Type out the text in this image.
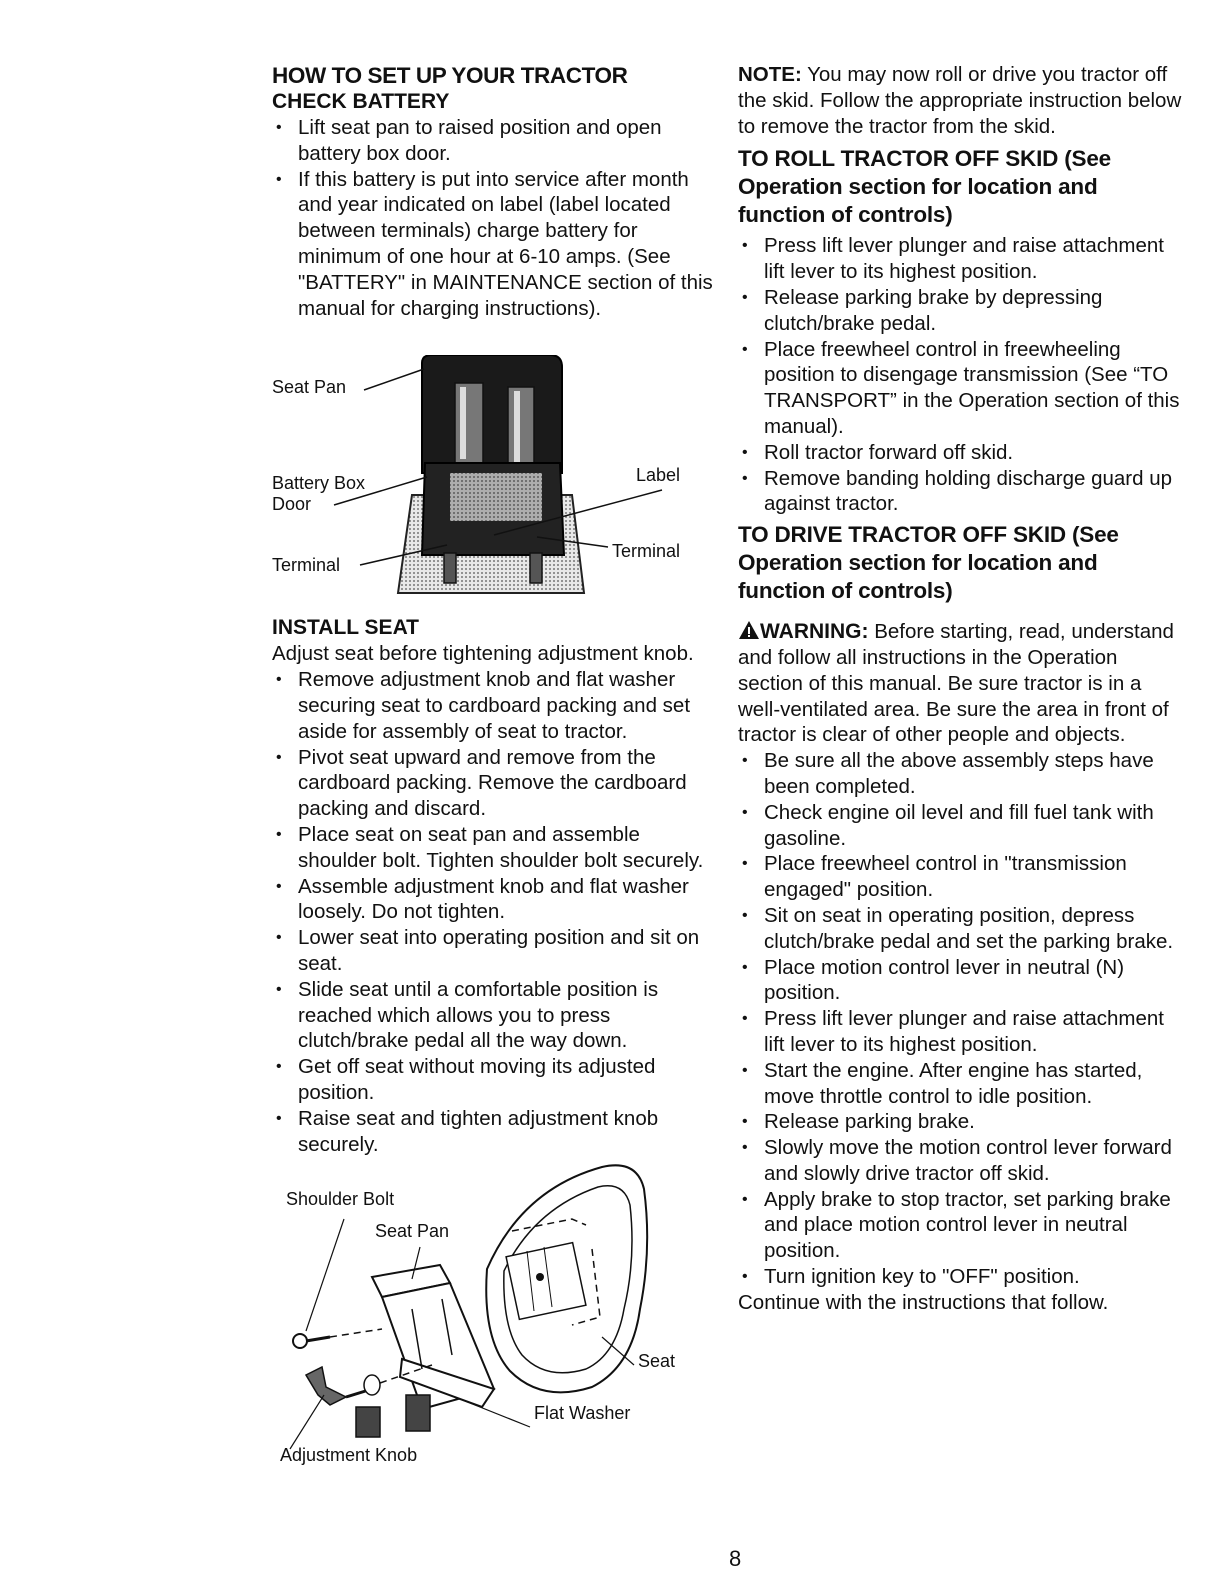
HOW TO SET UP YOUR TRACTOR
CHECK BATTERY
• Lift seat pan to raised position and open battery box door.
• If this battery is put into service after month and year indicated on label (label located between terminals) charge battery for minimum of one hour at 6-10 amps. (See "BATTERY" in MAINTENANCE section of this manual for charging instructions).
Seat Pan
Battery Box
Door
Terminal
Label
Terminal
INSTALL SEAT

Adjust seat before tightening adjustment knob.

• Remove adjustment knob and flat washer securing seat to cardboard packing and set aside for assembly of seat to tractor.
• Pivot seat upward and remove from the cardboard packing. Remove the cardboard packing and discard.
• Place seat on seat pan and assemble shoulder bolt. Tighten shoulder bolt securely.
• Assemble adjustment knob and flat washer loosely. Do not tighten.
• Lower seat into operating position and sit on seat.
• Slide seat until a comfortable position is reached which allows you to press clutch/brake pedal all the way down.
• Get off seat without moving its adjusted position.
• Raise seat and tighten adjustment knob securely.
Shoulder Bolt
Seat Pan
Seat
Flat Washer
Adjustment Knob

NOTE: You may now roll or drive you tractor off the skid. Follow the appropriate instruction below to remove the tractor from the skid.

TO ROLL TRACTOR OFF SKID (See Operation section for location and function of controls)
• Press lift lever plunger and raise attachment lift lever to its highest position.
• Release parking brake by depressing clutch/brake pedal.
• Place freewheel control in freewheeling position to disengage transmission (See “TO TRANSPORT” in the Operation section of this manual).
• Roll tractor forward off skid.
• Remove banding holding discharge guard up against tractor.
TO DRIVE TRACTOR OFF SKID (See Operation section for location and function of controls)

WARNING: Before starting, read, understand and follow all instructions in the Operation section of this manual. Be sure tractor is in a well-ventilated area. Be sure the area in front of tractor is clear of other people and objects.

• Be sure all the above assembly steps have been completed.
• Check engine oil level and fill fuel tank with gasoline.
• Place freewheel control in "transmission engaged" position.
• Sit on seat in operating position, depress clutch/brake pedal and set the parking brake.
• Place motion control lever in neutral (N) position.
• Press lift lever plunger and raise attachment lift lever to its highest position.
• Start the engine. After engine has started, move throttle control to idle position.
• Release parking brake.
• Slowly move the motion control lever forward and slowly drive tractor off skid.
• Apply brake to stop tractor, set parking brake and place motion control lever in neutral position.
• Turn ignition key to "OFF" position.

Continue with the instructions that follow.

8
